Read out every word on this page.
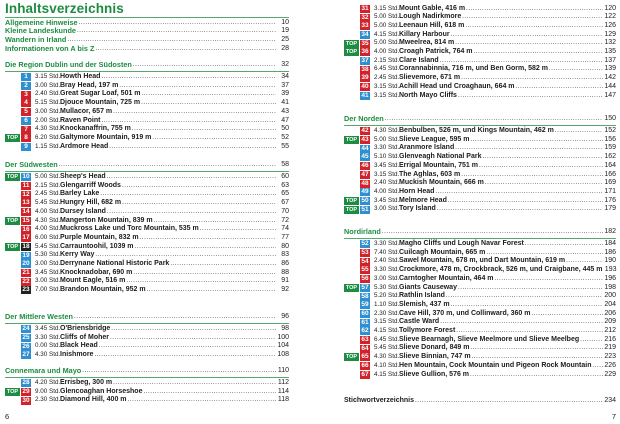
Inhaltsverzeichnis
Allgemeine Hinweise .....	10
Kleine Landeskunde .....	19
Wandern in Irland .....	25
Informationen von A bis Z .....	28
Die Region Dublin und der Südosten .....	32
1	3.15 Std. Howth Head .....	34
2	3.00 Std. Bray Head, 197 m .....	37
3	2.40 Std. Great Sugar Loaf, 501 m .....	39
4	5.15 Std. Djouce Mountain, 725 m .....	41
5	3.00 Std. Mullacor, 657 m .....	43
6	2.00 Std. Raven Point .....	47
7	4.30 Std. Knockanaffrin, 755 m .....	50
TOP 8	6.20 Std. Galtymore Mountain, 919 m .....	52
9	1.15 Std. Ardmore Head .....	55
Der Südwesten .....	58
TOP 10 5.00 Std. Sheep's Head .....	60
11 2.15 Std. Glengarriff Woods .....	63
12 2.45 Std. Barley Lake .....	65
13 5.45 Std. Hungry Hill, 682 m .....	67
14 4.00 Std. Dursey Island .....	70
TOP 15 4.30 Std. Mangerton Mountain, 839 m .....	72
16 4.00 Std. Muckross Lake und Torc Mountain, 535 m .....	74
17 6.00 Std. Purple Mountain, 832 m .....	77
TOP 18 5.45 Std. Carrauntoohil, 1039 m .....	80
19 5.30 Std. Kerry Way .....	83
20 3.00 Std. Derrynane National Historic Park .....	86
21 3.45 Std. Knocknadobar, 690 m .....	88
22 3.00 Std. Mount Eagle, 516 m .....	91
23 7.00 Std. Brandon Mountain, 952 m .....	92
Der Mittlere Westen .....	96
24 3.45 Std. O'Briensbridge .....	98
25 3.30 Std. Cliffs of Moher .....	100
26 0.00 Std. Black Head .....	104
27 4.30 Std. Inishmore .....	108
Connemara und Mayo .....	110
28 4.20 Std. Errisbeg, 300 m .....	112
TOP 29 9.00 Std. Glencoaghan Horseshoe .....	114
30 2.30 Std. Diamond Hill, 400 m .....	118
6
31 3.15 Std. Mount Gable, 416 m .....	120
32 5.00 Std. Lough Nadirkmore .....	122
33 5.00 Std. Leenaun Hill, 618 m .....	126
34 4.15 Std. Killary Harbour .....	129
TOP 35 5.00 Std. Mweelrea, 814 m .....	132
TOP 36 4.00 Std. Croagh Patrick, 764 m .....	135
37 2.15 Std. Clare Island .....	137
38 6.45 Std. Corannabinnia, 716 m, und Ben Gorm, 582 m .....	139
39 2.45 Std. Slievemore, 671 m .....	142
40 3.15 Std. Achill Head und Croaghaun, 664 m .....	144
41 3.15 Std. North Mayo Cliffs .....	147
Der Norden .....	150
42 4.30 Std. Benbulben, 526 m, und Kings Mountain, 462 m .....	152
TOP 43 5.00 Std. Slieve League, 595 m .....	156
44 3.30 Std. Aranmore Island .....	159
45 5.10 Std. Glenveagh National Park .....	162
46 3.45 Std. Errigal Mountain, 751 m .....	164
47 3.15 Std. The Aghlas, 603 m .....	166
48 2.40 Std. Muckish Mountain, 666 m .....	169
49 4.00 Std. Horn Head .....	171
TOP 50 3.45 Std. Melmore Head .....	176
TOP 51 3.00 Std. Tory Island .....	179
Nordirland .....	182
52 3.30 Std. Magho Cliffs und Lough Navar Forest .....	184
53 7.40 Std. Cuilcagh Mountain, 665 m .....	186
54 2.40 Std. Sawel Mountain, 678 m, und Dart Mountain, 619 m .....	190
55 3.30 Std. Crockmore, 478 m, Crockbrack, 526 m, und Craigbane, 445 m 193
56 3.00 Std. Carntogher Mountain, 464 m .....	196
TOP 57 5.30 Std. Giants Causeway .....	198
58 5.20 Std. Rathlin Island .....	200
59 1.10 Std. Slemish, 437 m .....	204
60 2.30 Std. Cave Hill, 370 m, und Collinward, 360 m .....	206
61 3.15 Std. Castle Ward .....	209
62 4.15 Std. Tollymore Forest .....	212
63 6.45 Std. Slieve Bearnagh, Slieve Meelmore und Slieve Meelbeg .....	216
64 5.45 Std. Slieve Donard, 849 m .....	219
TOP 65 4.30 Std. Slieve Binnian, 747 m .....	223
66 4.10 Std. Hen Mountain, Cock Mountain und Pigeon Rock Mountain ..... 226
67 4.15 Std. Slieve Gullion, 576 m .....	229
Stichwortverzeichnis .....	234
7
